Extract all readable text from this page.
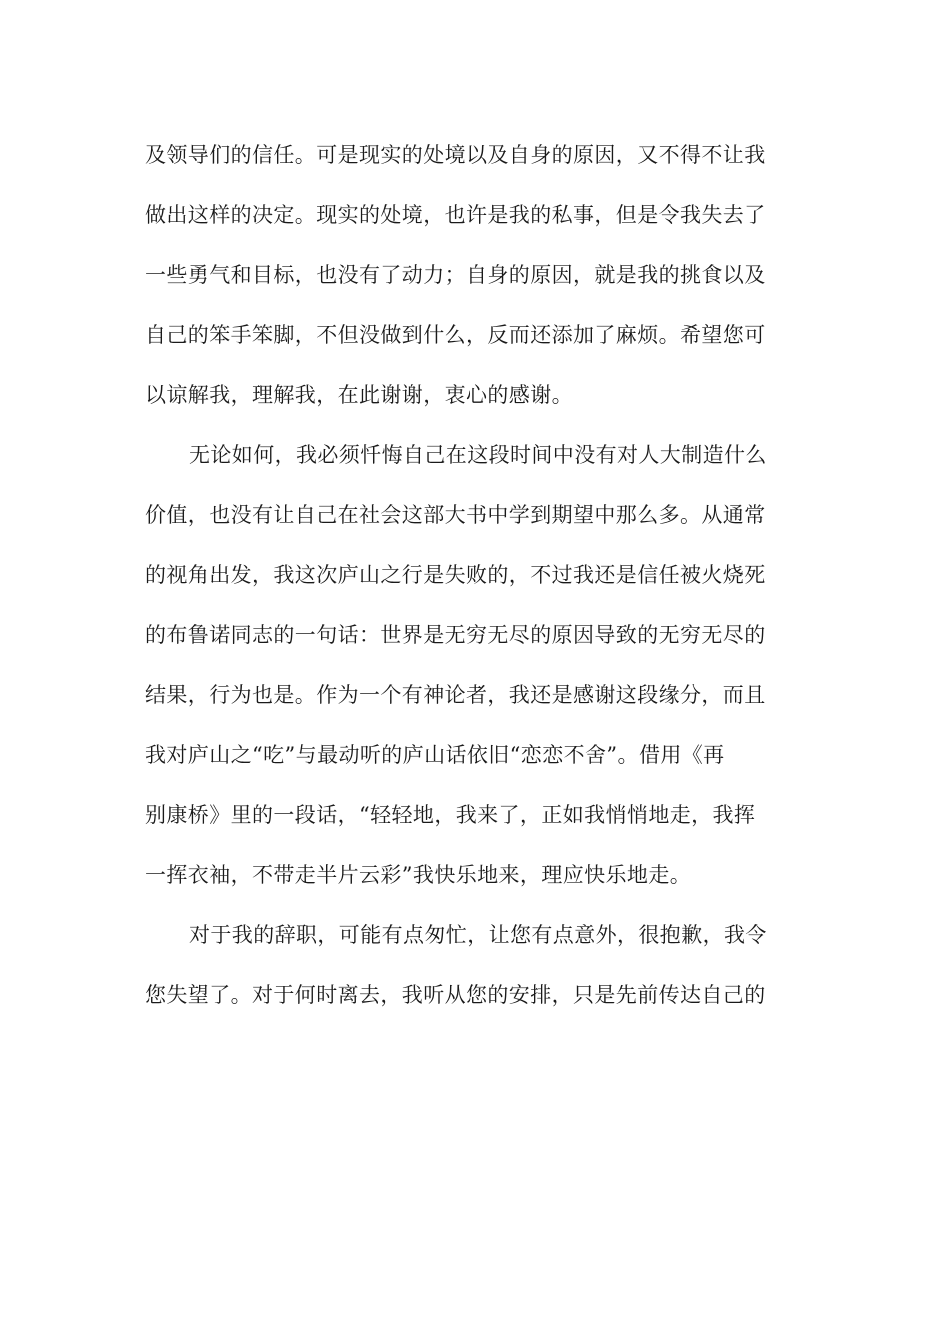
及领导们的信任。可是现实的处境以及自身的原因，又不得不让我
做出这样的决定。现实的处境，也许是我的私事，但是令我失去了
一些勇气和目标，也没有了动力；自身的原因，就是我的挑食以及
自己的笨手笨脚，不但没做到什么，反而还添加了麻烦。希望您可
以谅解我，理解我，在此谢谢，衷心的感谢。
无论如何，我必须忏悔自己在这段时间中没有对人大制造什么
价值，也没有让自己在社会这部大书中学到期望中那么多。从通常
的视角出发，我这次庐山之行是失败的，不过我还是信任被火烧死
的布鲁诺同志的一句话：世界是无穷无尽的原因导致的无穷无尽的
结果，行为也是。作为一个有神论者，我还是感谢这段缘分，而且
我对庐山之“吃”与最动听的庐山话依旧“恋恋不舍”。借用《再
别康桥》里的一段话，“轻轻地，我来了，正如我悄悄地走，我挥
一挥衣袖，不带走半片云彩”我快乐地来，理应快乐地走。
对于我的辞职，可能有点匆忙，让您有点意外，很抱歉，我令
您失望了。对于何时离去，我听从您的安排，只是先前传达自己的
